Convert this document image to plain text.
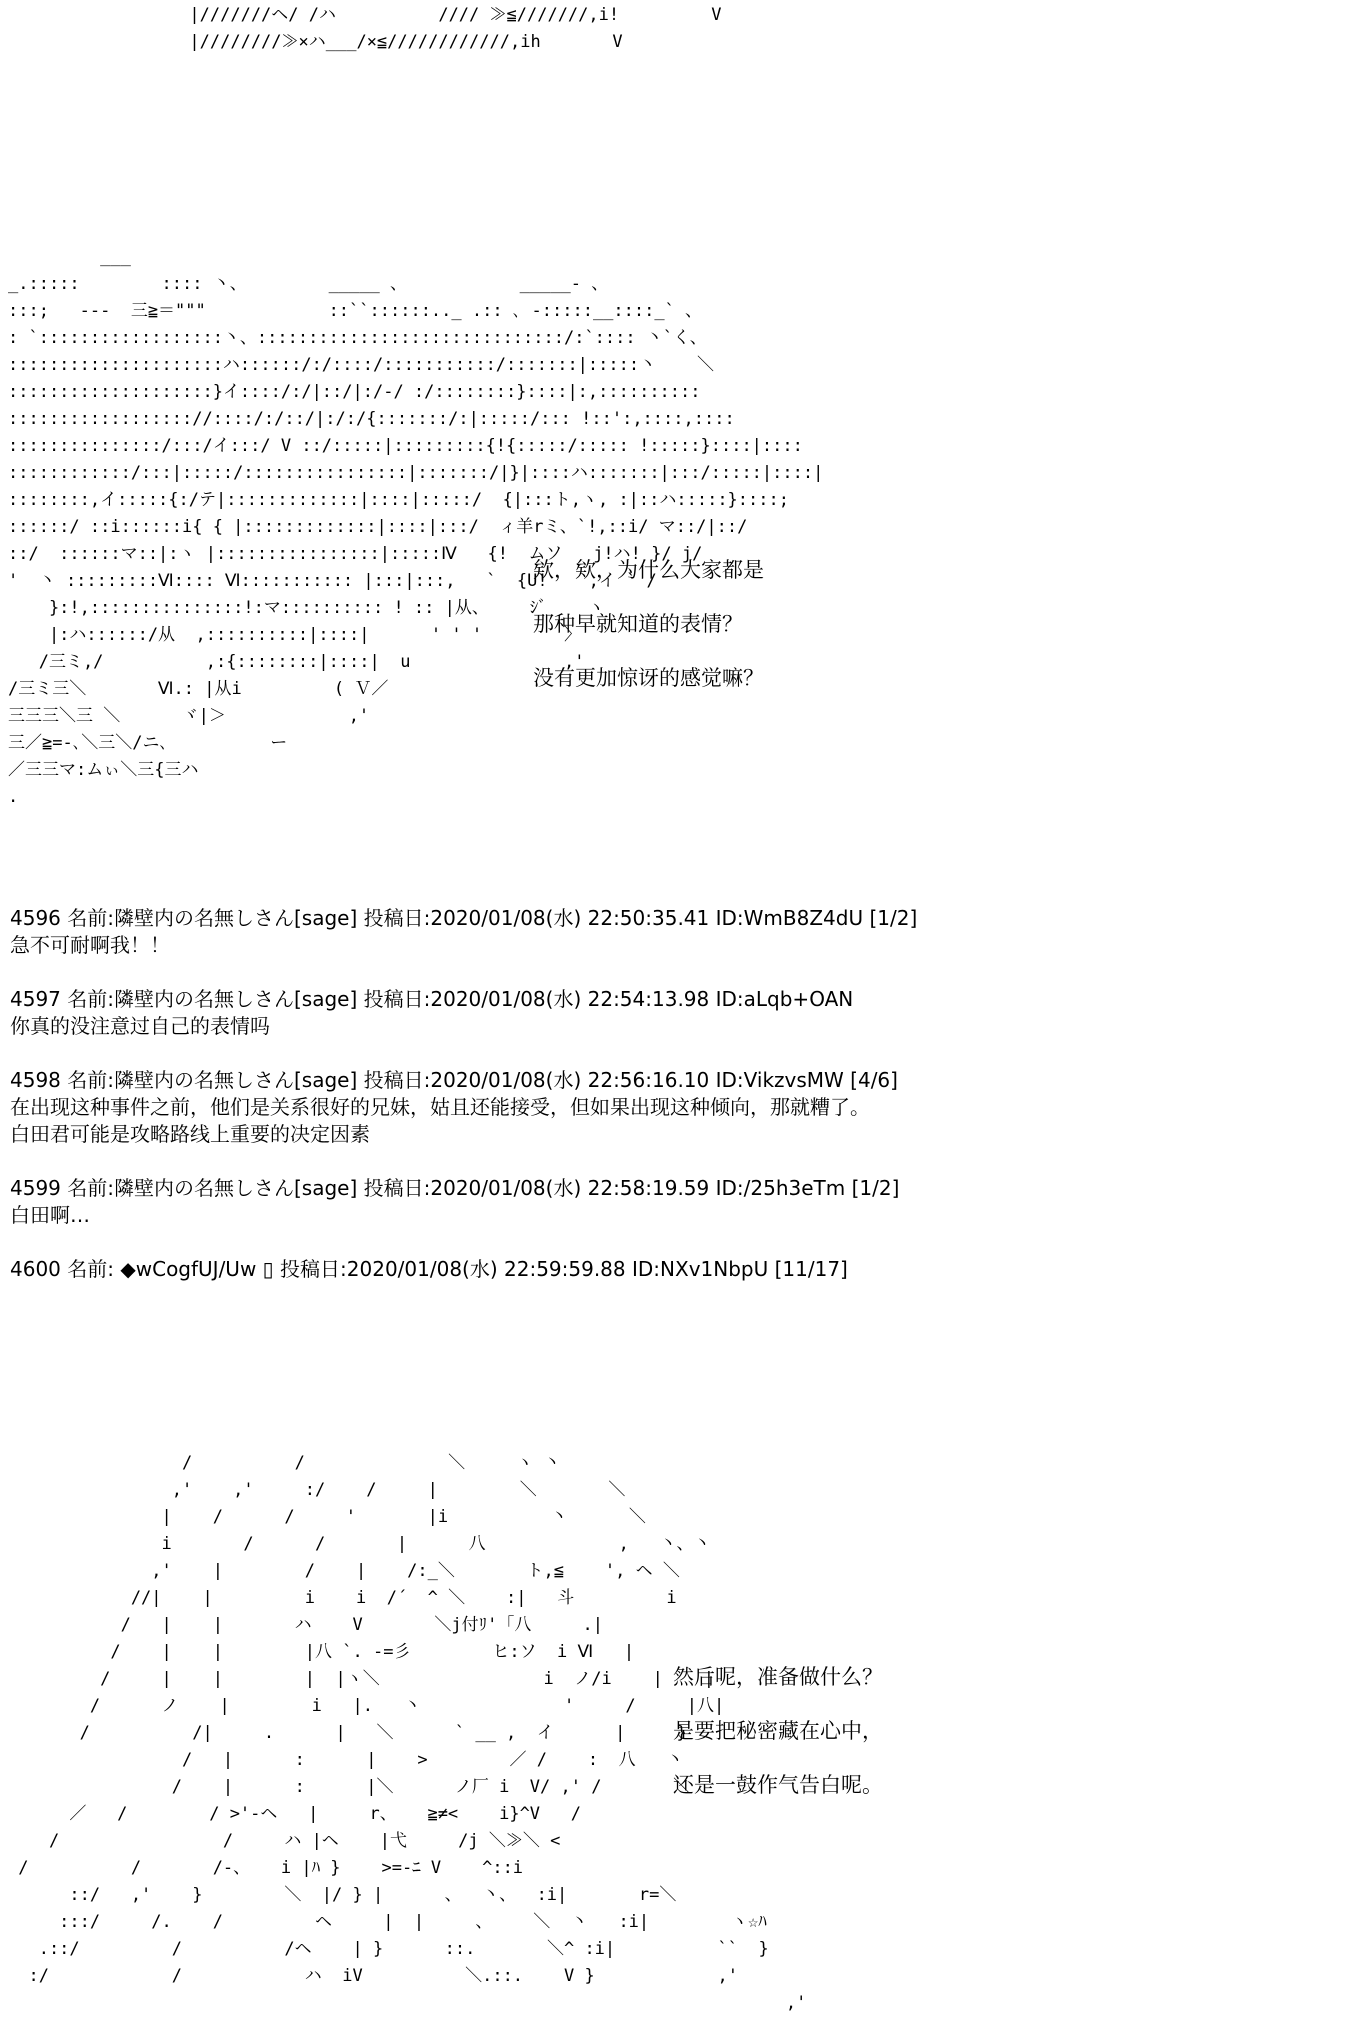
|///////ヘ/ /ハ          //// ≫≦///////,i!         V
|////////≫×ハ___/×≦////////////,ih       V
___
_.:::::        :::: 丶、        _____ 、           _____- 、
:::;   ---  三≧＝"""            ::``::::::.._ .:: ､ -:::::__::::_` 、
: `::::::::::::::::::丶、::::::::::::::::::::::::::::::/:`:::: 丶`く、
:::::::::::::::::::::ハ::::::/:/::::/:::::::::::/:::::::|:::::丶    ＼
::::::::::::::::::::}イ::::/:/|::/|:/-/ :/::::::::}::::|:,::::::::::
:::::::::::::::::://::::/:/::/|:/:/{:::::::/:|:::::/::: !::':,::::,::::
:::::::::::::::/:::/イ:::/ V ::/:::::|:::::::::{!{:::::/::::: !:::::}::::|::::
::::::::::::/:::|:::::/::::::::::::::::|:::::::/|}|::::ハ:::::::|:::/:::::|::::|
::::::::,イ:::::{:/テ|:::::::::::::|::::|:::::/  {|:::ト,ヽ, :|::ハ:::::}::::;
::::::/ ::i::::::i{ { |:::::::::::::|::::|:::/  ィ羊rミ、`!,::i/ マ::/|::/
::/  ::::::マ::|:ヽ |::::::::::::::::|:::::Ⅳ   {!  ムソ   j!ハ! }/ j/
'  丶 :::::::::Ⅵ:::: Ⅵ::::::::::: |:::|:::,   `  {U!    ,イ ` /
}:!,:::::::::::::::!:マ:::::::::: ! :: |从、    ｼﾞ    ヽ
|:ハ::::::/从  ,::::::::::|::::|      ' ' '        〉
/三ミ,/          ,:{::::::::|::::|  u               ,'
/三ミ三＼       Ⅵ.: |从i         ( Ｖ／
三三三＼三 ＼      ヾ|＞            ,'
三／≧=-､＼三＼/ニ､          ー
／三三マ:ムぃ＼三{三ハ
.
欸，欸，为什么大家都是
那种早就知道的表情？
没有更加惊讶的感觉嘛？
4596 名前:隣壁内の名無しさん[sage] 投稿日:2020/01/08(水) 22:50:35.41 ID:WmB8Z4dU [1/2]
急不可耐啊我！！
4597 名前:隣壁内の名無しさん[sage] 投稿日:2020/01/08(水) 22:54:13.98 ID:aLqb+OAN
你真的没注意过自己的表情吗
4598 名前:隣壁内の名無しさん[sage] 投稿日:2020/01/08(水) 22:56:16.10 ID:VikzvsMW [4/6]
在出现这种事件之前，他们是关系很好的兄妹，姑且还能接受，但如果出现这种倾向，那就糟了。
白田君可能是攻略路线上重要的决定因素
4599 名前:隣壁内の名無しさん[sage] 投稿日:2020/01/08(水) 22:58:19.59 ID:/25h3eTm [1/2]
白田啊…
4600 名前: ◆wCogfUJ/Uw ▯ 投稿日:2020/01/08(水) 22:59:59.88 ID:NXv1NbpU [11/17]
/          /              ＼     ヽ 丶
,'    ,'     :/    /     |        ＼       ＼
|    /      /     '       |i          丶      ＼
i       /      /       |      八             ,   丶、丶
,'    |        /    |    /:_＼       ト,≦    ', ヘ ＼
//|    |         i    i  /´  ^ ＼    :|   斗         i
/   |    |       ハ    V       ＼j付ﾘ'「八     .|
/    |    |        |八 `. ‐=彡        ヒ:ソ  i Ⅵ   |
/     |    |        |  |ヽ＼                i  ノ/i    |    |
/      ノ    |        i   |.   丶              '     /     |八|
/          /|     .      |   ＼      ` __ ,  イ      |     }
/   |      :      |    >        ／ /    :  八   丶
/    |      :      |＼      ノ厂 i  V/ ,' /       ＼
／   /        / >'-ヘ   |     r、   ≧≠<    i}^V   /
/                /     ハ |ヘ    |弋     /j ＼≫＼ <
/          /       /-、   i |ﾊ }    >=-ﾆ V    ^::i
::/   ,'    }        ＼  |/ } |      、  丶、  :i|       r=＼
:::/     /.    /         ヘ     |  |     、    ＼  丶   :i|        ヽ☆ﾊ
.::/         /          /ヘ    | }      ::.       ＼^ :i|          ``  }
:/            /            ハ  iV          ＼.::.    V }            ,'
,'
然后呢，准备做什么？
是要把秘密藏在心中，
还是一鼓作气告白呢。
